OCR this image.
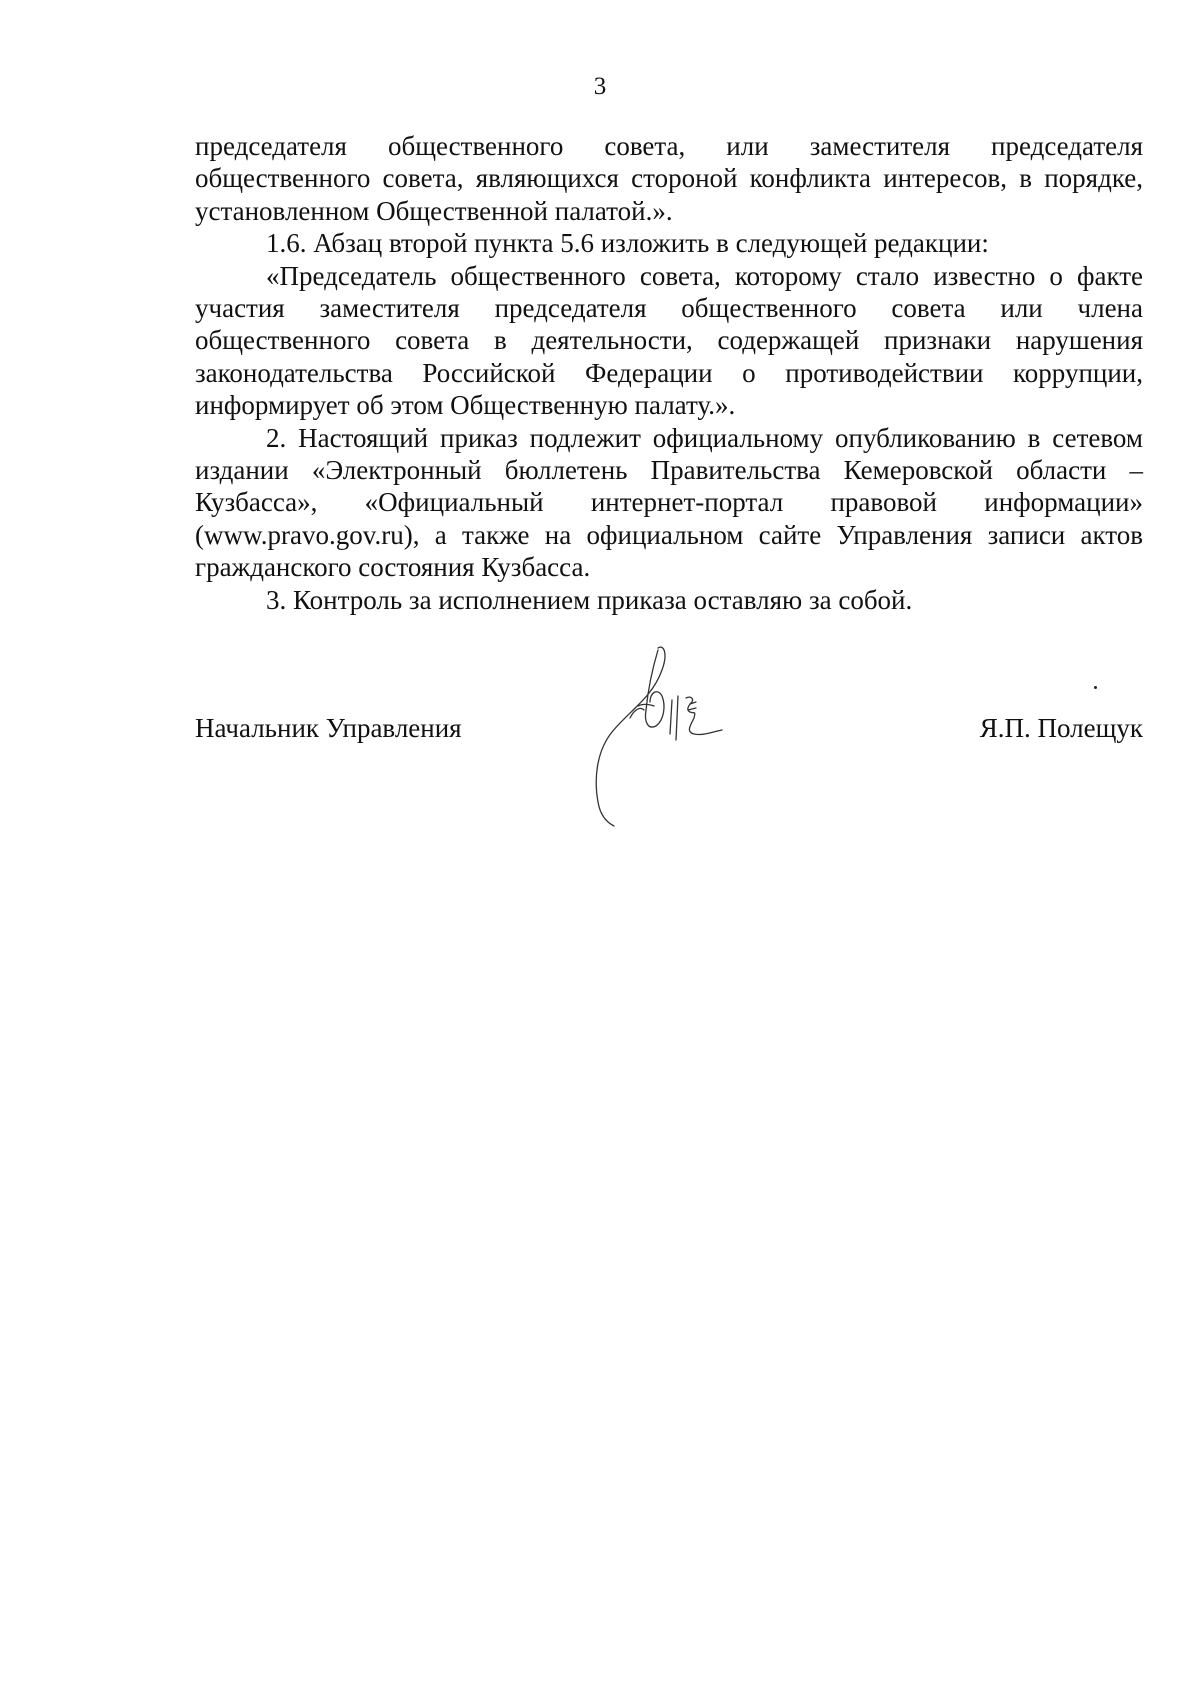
3

председателя общественного совета, или заместителя председателя общественного совета, являющихся стороной конфликта интересов, в порядке, установленном Общественной палатой.».

1.6. Абзац второй пункта 5.6 изложить в следующей редакции:

«Председатель общественного совета, которому стало известно о факте участия заместителя председателя общественного совета или члена общественного совета в деятельности, содержащей признаки нарушения законодательства Российской Федерации о противодействии коррупции, информирует об этом Общественную палату.».

2. Настоящий приказ подлежит официальному опубликованию в сетевом издании «Электронный бюллетень Правительства Кемеровской области – Кузбасса», «Официальный интернет-портал правовой информации» (www.pravo.gov.ru), а также на официальном сайте Управления записи актов гражданского состояния Кузбасса.

3. Контроль за исполнением приказа оставляю за собой.

Начальник Управления	Я.П. Полещук
